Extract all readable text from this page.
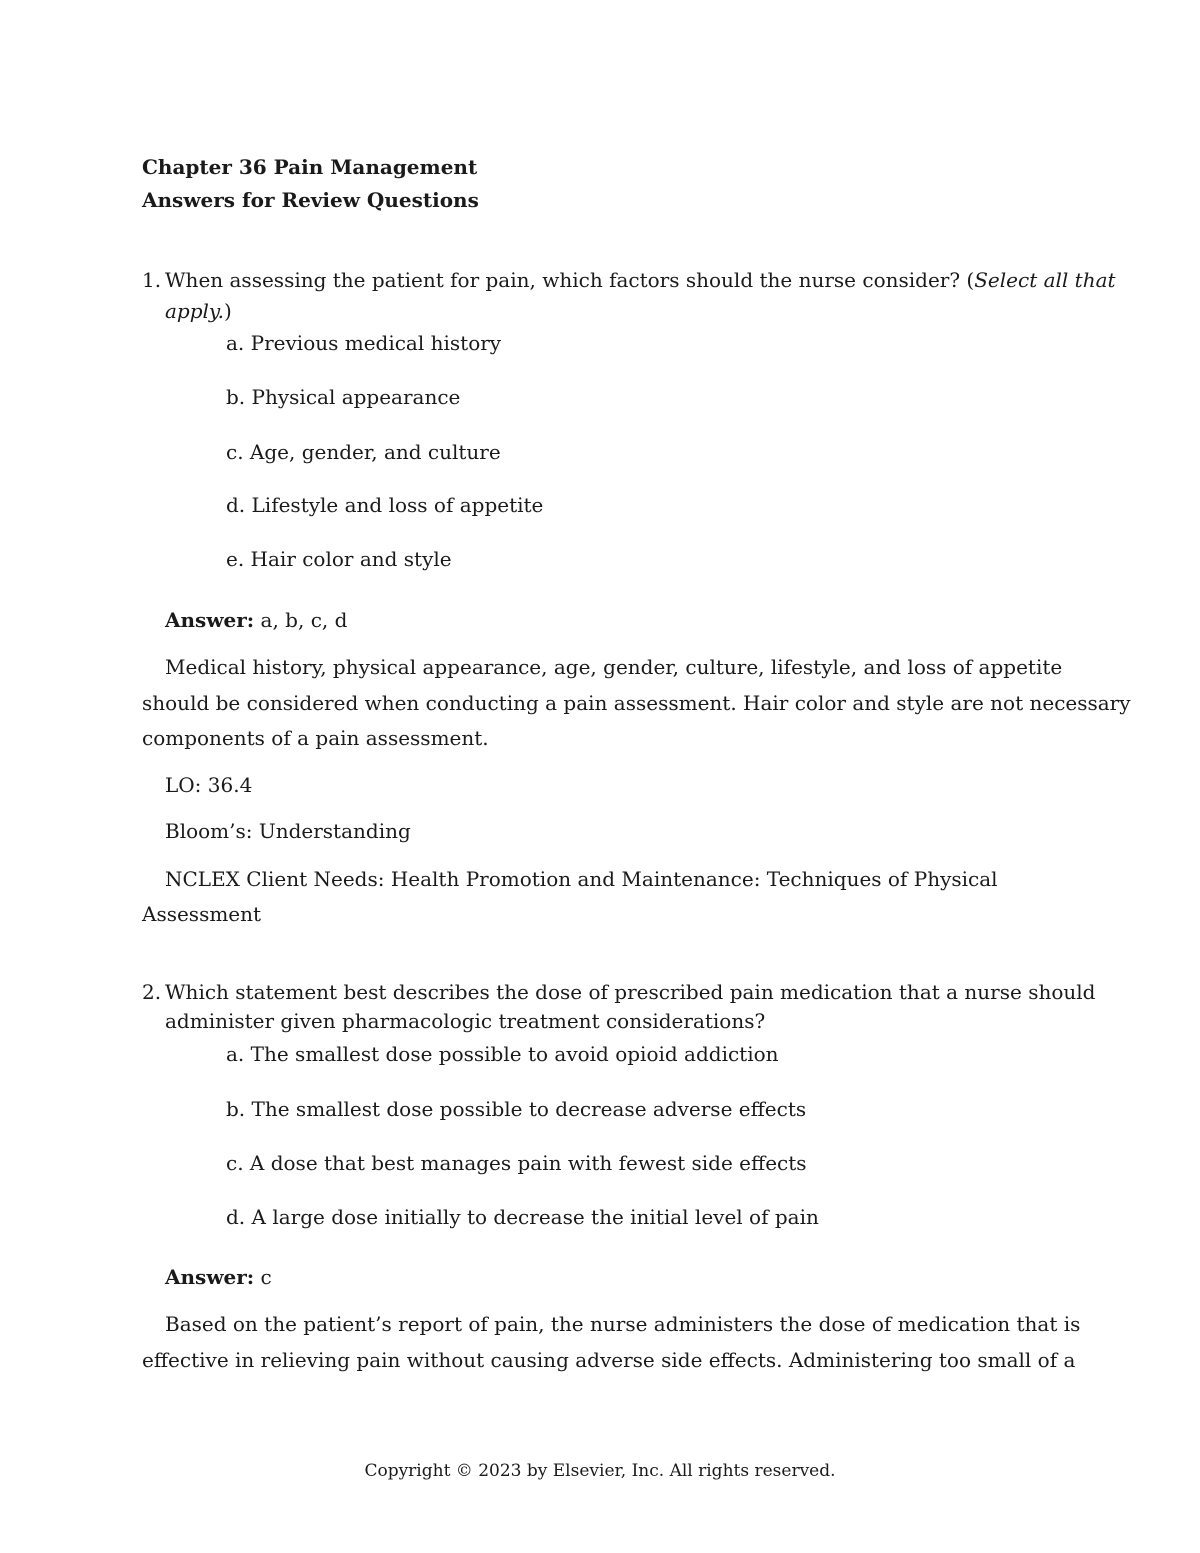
Chapter 36 Pain Management

Answers for Review Questions

1. When assessing the patient for pain, which factors should the nurse consider? (Select all that

apply.)

a. Previous medical history

b. Physical appearance

c. Age, gender, and culture

d. Lifestyle and loss of appetite

e. Hair color and style

Answer: a, b, c, d

Medical history, physical appearance, age, gender, culture, lifestyle, and loss of appetite

should be considered when conducting a pain assessment. Hair color and style are not necessary

components of a pain assessment.

LO: 36.4

Bloom’s: Understanding

NCLEX Client Needs: Health Promotion and Maintenance: Techniques of Physical

Assessment

2. Which statement best describes the dose of prescribed pain medication that a nurse should

administer given pharmacologic treatment considerations?

a. The smallest dose possible to avoid opioid addiction

b. The smallest dose possible to decrease adverse effects

c. A dose that best manages pain with fewest side effects

d. A large dose initially to decrease the initial level of pain

Answer: c

Based on the patient’s report of pain, the nurse administers the dose of medication that is

effective in relieving pain without causing adverse side effects. Administering too small of a

Copyright © 2023 by Elsevier, Inc. All rights reserved.
